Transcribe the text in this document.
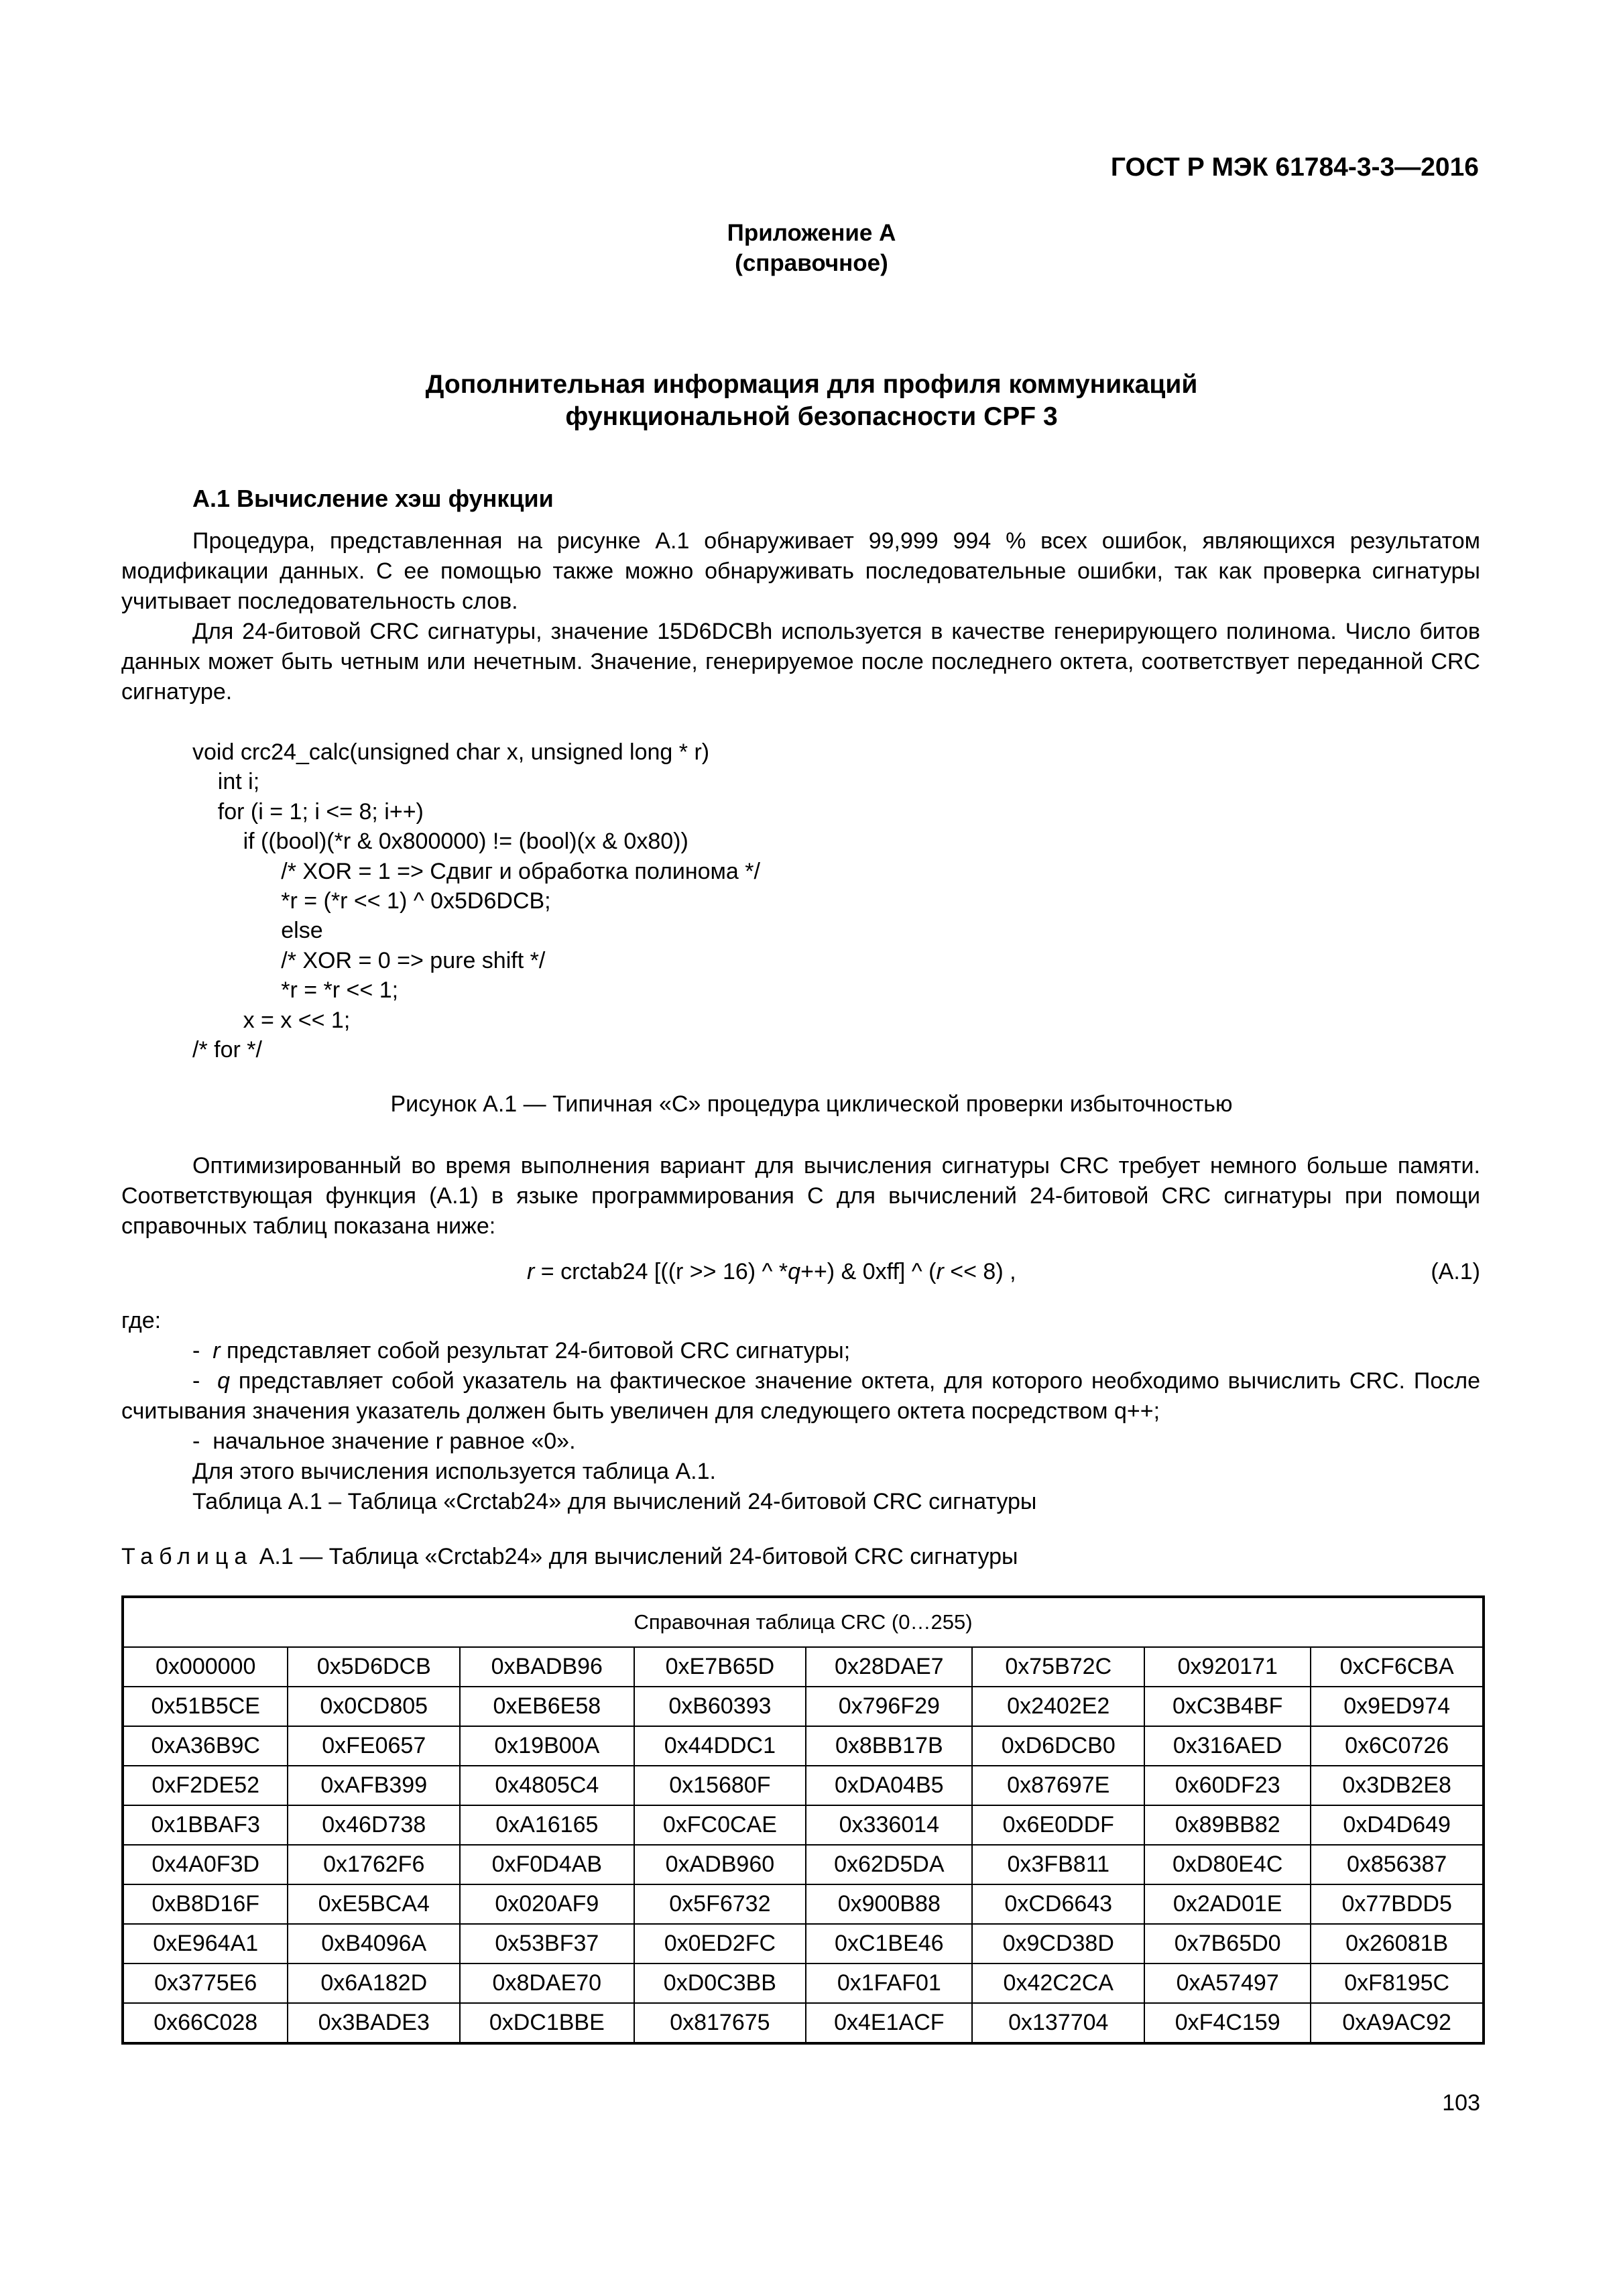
ГОСТ Р МЭК 61784-3-3—2016
Приложение А
(справочное)
Дополнительная информация для профиля коммуникаций
функциональной безопасности CPF 3
А.1 Вычисление хэш функции

Процедура, представленная на рисунке А.1 обнаруживает 99,999 994 % всех ошибок, являющихся результатом модификации данных. С ее помощью также можно обнаруживать последовательные ошибки, так как проверка сигнатуры учитывает последовательность слов.

Для 24-битовой CRC сигнатуры, значение 15D6DCBh используется в качестве генерирующего полинома. Число битов данных может быть четным или нечетным. Значение, генерируемое после последнего октета, соответствует переданной CRC сигнатуре.

void crc24_calc(unsigned char x, unsigned long * r)
int i;
for (i = 1; i <= 8; i++)
if ((bool)(*r & 0x800000) != (bool)(x & 0x80))
/* XOR = 1 => Сдвиг и обработка полинома */
*r = (*r << 1) ^ 0x5D6DCB;
else
/* XOR = 0 => pure shift */
*r = *r << 1;
x = x << 1;
/* for */
Рисунок А.1 — Типичная «С» процедура циклической проверки избыточностью

Оптимизированный во время выполнения вариант для вычисления сигнатуры CRC требует немного больше памяти. Соответствующая функция (А.1) в языке программирования С для вычислений 24-битовой CRC сигнатуры при помощи справочных таблиц показана ниже:

r = crctab24 [((r >> 16) ^ *q++) & 0xff] ^ (r << 8) ,	(А.1)
где:
-  r представляет собой результат 24-битовой CRC сигнатуры;
-  q представляет собой указатель на фактическое значение октета, для которого необходимо вычислить CRC. После считывания значения указатель должен быть увеличен для следующего октета посредством q++;
-  начальное значение r равное «0».
Для этого вычисления используется таблица А.1.
Таблица А.1 – Таблица «Crctab24» для вычислений 24-битовой CRC сигнатуры
Таблица А.1 — Таблица «Crctab24» для вычислений 24-битовой CRC сигнатуры
Справочная таблица CRC (0…255)							
0x000000	0x5D6DCB	0xBADB96	0xE7B65D	0x28DAE7	0x75B72C	0x920171	0xCF6CBA
0x51B5CE	0x0CD805	0xEB6E58	0xB60393	0x796F29	0x2402E2	0xC3B4BF	0x9ED974
0xA36B9C	0xFE0657	0x19B00A	0x44DDC1	0x8BB17B	0xD6DCB0	0x316AED	0x6C0726
0xF2DE52	0xAFB399	0x4805C4	0x15680F	0xDA04B5	0x87697E	0x60DF23	0x3DB2E8
0x1BBAF3	0x46D738	0xA16165	0xFC0CAE	0x336014	0x6E0DDF	0x89BB82	0xD4D649
0x4A0F3D	0x1762F6	0xF0D4AB	0xADB960	0x62D5DA	0x3FB811	0xD80E4C	0x856387
0xB8D16F	0xE5BCA4	0x020AF9	0x5F6732	0x900B88	0xCD6643	0x2AD01E	0x77BDD5
0xE964A1	0xB4096A	0x53BF37	0x0ED2FC	0xC1BE46	0x9CD38D	0x7B65D0	0x26081B
0x3775E6	0x6A182D	0x8DAE70	0xD0C3BB	0x1FAF01	0x42C2CA	0xA57497	0xF8195C
0x66C028	0x3BADE3	0xDC1BBE	0x817675	0x4E1ACF	0x137704	0xF4C159	0xA9AC92
103
